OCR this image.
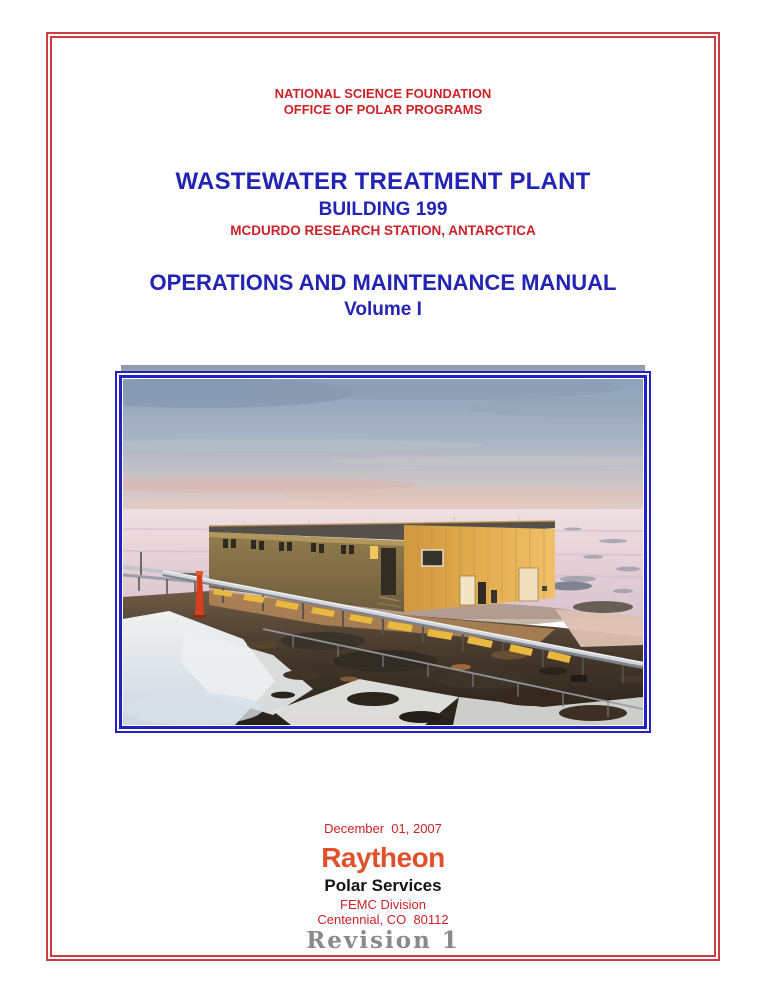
NATIONAL SCIENCE FOUNDATION
OFFICE OF POLAR PROGRAMS
WASTEWATER TREATMENT PLANT
BUILDING 199
MCDURDO RESEARCH STATION, ANTARCTICA
OPERATIONS AND MAINTENANCE MANUAL
Volume I
December  01, 2007
Raytheon
Polar Services
FEMC Division
Centennial, CO  80112
Revision 1
